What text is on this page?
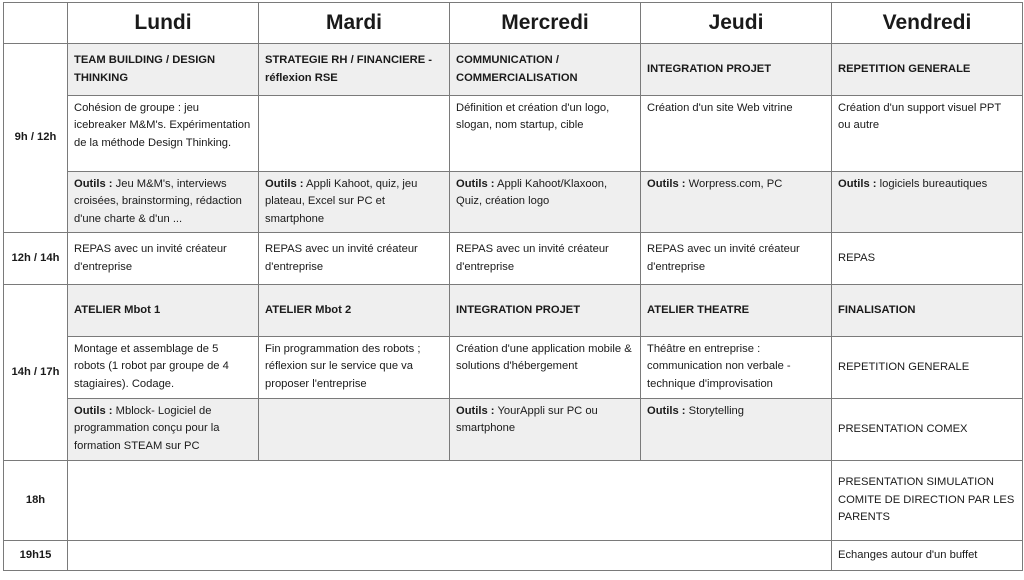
	Lundi	Mardi	Mercredi	Jeudi	Vendredi
9h / 12h	TEAM BUILDING / DESIGN THINKING	STRATEGIE RH / FINANCIERE - réflexion RSE	COMMUNICATION / COMMERCIALISATION	INTEGRATION PROJET	REPETITION GENERALE
	Cohésion de groupe : jeu icebreaker M&M's. Expérimentation de la méthode Design Thinking.		Définition et création d'un logo, slogan, nom startup, cible	Création d'un site Web vitrine	Création d'un support visuel PPT ou autre

	Outils : Jeu M&M's, interviews croisées, brainstorming, rédaction d'une charte & d'un ...	Outils : Appli Kahoot, quiz, jeu plateau, Excel sur PC et smartphone	Outils : Appli Kahoot/Klaxoon, Quiz, création logo	Outils : Worpress.com, PC	Outils : logiciels bureautiques
12h / 14h	REPAS avec un invité créateur d'entreprise	REPAS avec un invité créateur d'entreprise	REPAS avec un invité créateur d'entreprise	REPAS avec un invité créateur d'entreprise	REPAS
14h / 17h	ATELIER Mbot 1	ATELIER Mbot 2	INTEGRATION PROJET	ATELIER THEATRE	FINALISATION
	Montage et assemblage de 5 robots (1 robot par groupe de 4 stagiaires). Codage.	Fin programmation des robots ; réflexion sur le service que va proposer l'entreprise	Création d'une application mobile & solutions d'hébergement	Théâtre en entreprise : communication non verbale - technique d'improvisation	REPETITION GENERALE
	Outils : Mblock- Logiciel de programmation conçu pour la formation STEAM sur PC		Outils : YourAppli sur PC ou smartphone	Outils : Storytelling	PRESENTATION COMEX
18h					PRESENTATION SIMULATION COMITE DE DIRECTION PAR LES PARENTS
19h15					Echanges autour d'un buffet
